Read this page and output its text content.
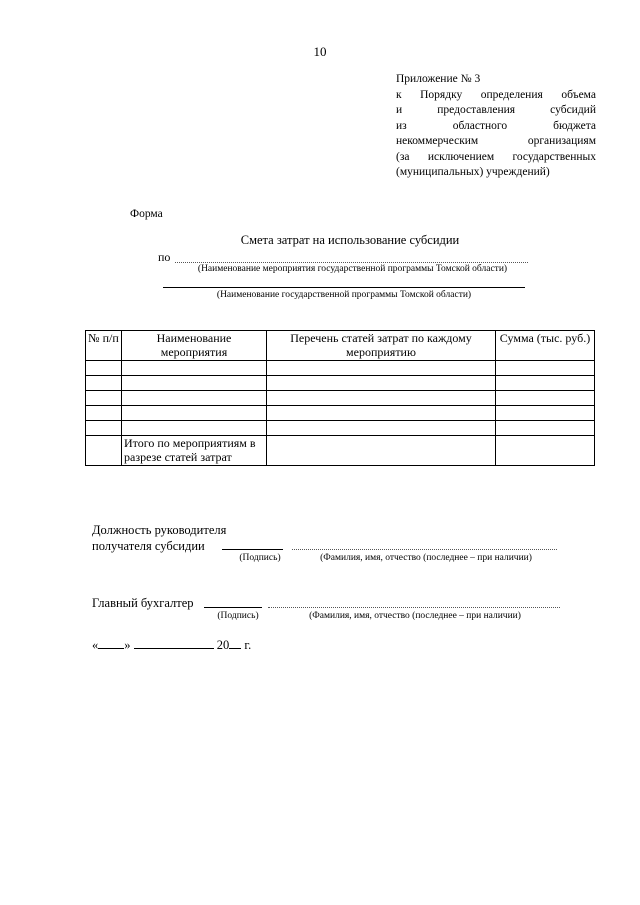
10
Приложение № 3
к Порядку определения объема
и предоставления субсидий
из областного бюджета
некоммерческим организациям
(за исключением государственных
(муниципальных) учреждений)
Форма
Смета затрат на использование субсидии
по
(Наименование мероприятия государственной программы Томской области)
(Наименование государственной программы Томской области)
№ п/п	Наименование мероприятия	Перечень статей затрат по каждому мероприятию	Сумма (тыс. руб.)

	Итого по мероприятиям в разрезе статей затрат		
Должность руководителя
получателя субсидии
(Подпись)	(Фамилия, имя, отчество (последнее – при наличии)
Главный бухгалтер
(Подпись)	(Фамилия, имя, отчество (последнее – при наличии)
« »	20 г.
